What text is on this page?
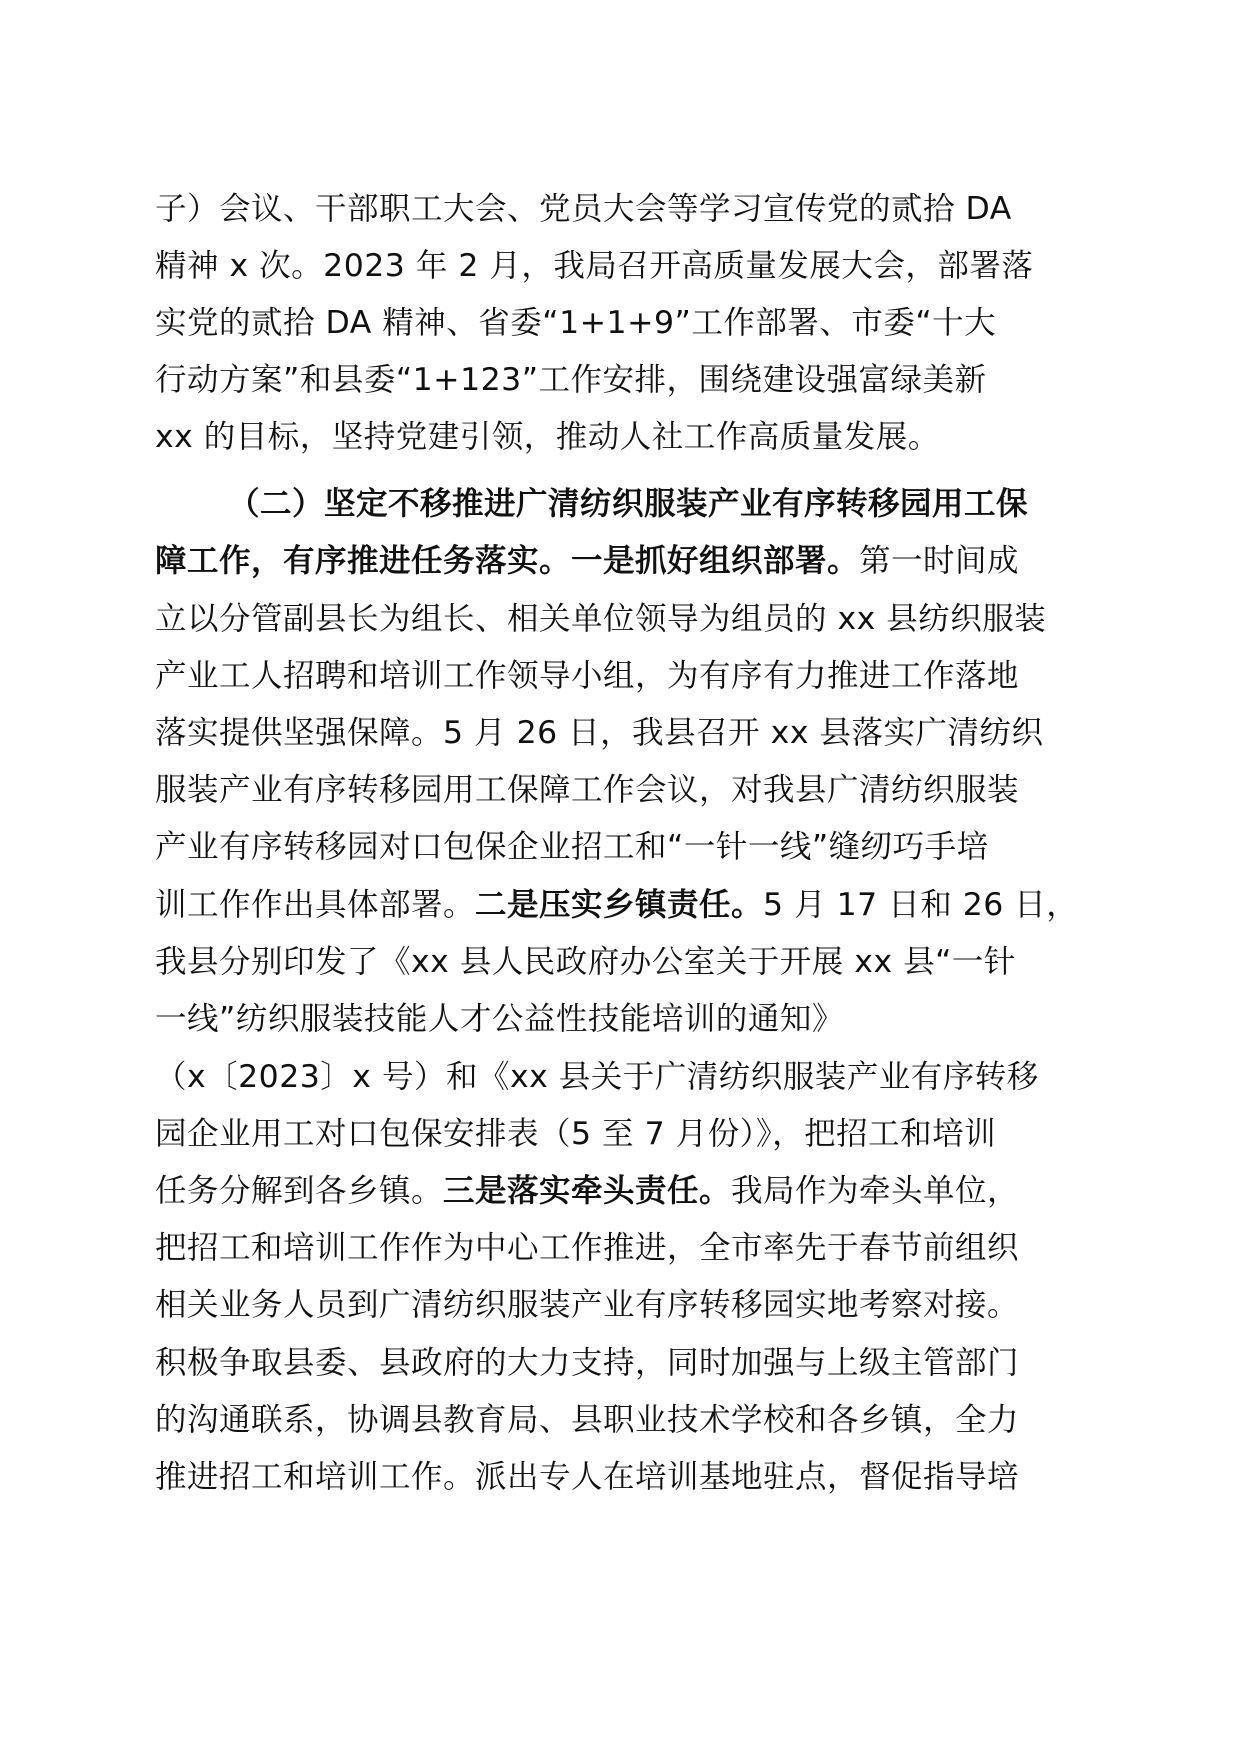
子）会议、干部职工大会、党员大会等学习宣传党的贰拾 DA
精神 x 次。2023 年 2 月，我局召开高质量发展大会，部署落
实党的贰拾 DA 精神、省委“1+1+9”工作部署、市委“十大
行动方案”和县委“1+123”工作安排，围绕建设强富绿美新
xx 的目标，坚持党建引领，推动人社工作高质量发展。
（二）坚定不移推进广清纺织服装产业有序转移园用工保
障工作，有序推进任务落实。一是抓好组织部署。第一时间成
立以分管副县长为组长、相关单位领导为组员的 xx 县纺织服装
产业工人招聘和培训工作领导小组，为有序有力推进工作落地
落实提供坚强保障。5 月 26 日，我县召开 xx 县落实广清纺织
服装产业有序转移园用工保障工作会议，对我县广清纺织服装
产业有序转移园对口包保企业招工和“一针一线”缝纫巧手培
训工作作出具体部署。二是压实乡镇责任。5 月 17 日和 26 日，
我县分别印发了《xx 县人民政府办公室关于开展 xx 县“一针
一线”纺织服装技能人才公益性技能培训的通知》
（x〔2023〕x 号）和《xx 县关于广清纺织服装产业有序转移
园企业用工对口包保安排表（5 至 7 月份）》，把招工和培训
任务分解到各乡镇。三是落实牵头责任。我局作为牵头单位，
把招工和培训工作作为中心工作推进，全市率先于春节前组织
相关业务人员到广清纺织服装产业有序转移园实地考察对接。
积极争取县委、县政府的大力支持，同时加强与上级主管部门
的沟通联系，协调县教育局、县职业技术学校和各乡镇，全力
推进招工和培训工作。派出专人在培训基地驻点，督促指导培
